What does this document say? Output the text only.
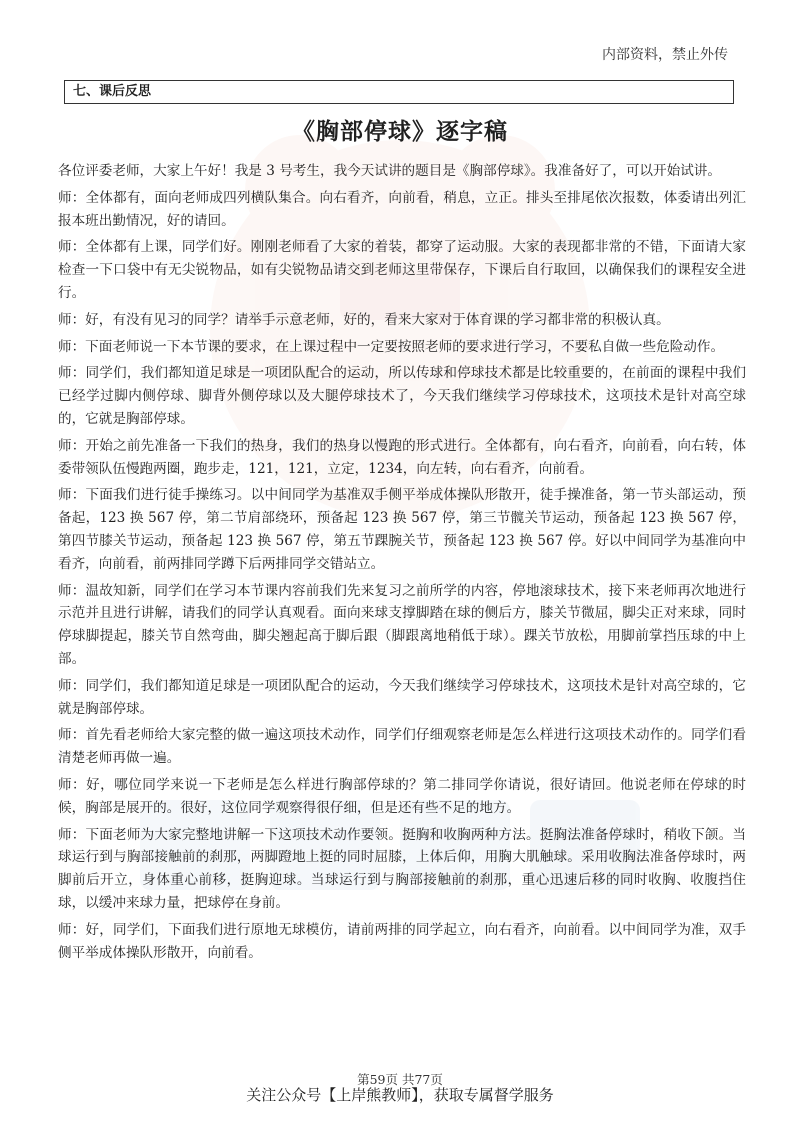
内部资料，禁止外传
七、课后反思
《胸部停球》逐字稿

各位评委老师，大家上午好！我是 3 号考生，我今天试讲的题目是《胸部停球》。我准备好了，可以开始试讲。

师：全体都有，面向老师成四列横队集合。向右看齐，向前看，稍息，立正。排头至排尾依次报数，体委请出列汇报本班出勤情况，好的请回。

师：全体都有上课，同学们好。刚刚老师看了大家的着装，都穿了运动服。大家的表现都非常的不错，下面请大家检查一下口袋中有无尖锐物品，如有尖锐物品请交到老师这里带保存，下课后自行取回，以确保我们的课程安全进行。

师：好，有没有见习的同学？请举手示意老师，好的，看来大家对于体育课的学习都非常的积极认真。

师：下面老师说一下本节课的要求，在上课过程中一定要按照老师的要求进行学习，不要私自做一些危险动作。

师：同学们，我们都知道足球是一项团队配合的运动，所以传球和停球技术都是比较重要的，在前面的课程中我们已经学过脚内侧停球、脚背外侧停球以及大腿停球技术了，今天我们继续学习停球技术，这项技术是针对高空球的，它就是胸部停球。

师：开始之前先准备一下我们的热身，我们的热身以慢跑的形式进行。全体都有，向右看齐，向前看，向右转，体委带领队伍慢跑两圈，跑步走，121，121，立定，1234，向左转，向右看齐，向前看。

师：下面我们进行徒手操练习。以中间同学为基准双手侧平举成体操队形散开，徒手操准备，第一节头部运动，预备起，123 换 567 停，第二节肩部绕环，预备起 123 换 567 停，第三节髋关节运动，预备起 123 换 567 停，第四节膝关节运动，预备起 123 换 567 停，第五节踝腕关节，预备起 123 换 567 停。好以中间同学为基准向中看齐，向前看，前两排同学蹲下后两排同学交错站立。

师：温故知新，同学们在学习本节课内容前我们先来复习之前所学的内容，停地滚球技术，接下来老师再次地进行示范并且进行讲解，请我们的同学认真观看。面向来球支撑脚踏在球的侧后方，膝关节微屈，脚尖正对来球，同时停球脚提起，膝关节自然弯曲，脚尖翘起高于脚后跟（脚跟离地稍低于球）。踝关节放松，用脚前掌挡压球的中上部。

师：同学们，我们都知道足球是一项团队配合的运动，今天我们继续学习停球技术，这项技术是针对高空球的，它就是胸部停球。

师：首先看老师给大家完整的做一遍这项技术动作，同学们仔细观察老师是怎么样进行这项技术动作的。同学们看清楚老师再做一遍。

师：好，哪位同学来说一下老师是怎么样进行胸部停球的？第二排同学你请说，很好请回。他说老师在停球的时候，胸部是展开的。很好，这位同学观察得很仔细，但是还有些不足的地方。

师：下面老师为大家完整地讲解一下这项技术动作要领。挺胸和收胸两种方法。挺胸法准备停球时，稍收下颌。当球运行到与胸部接触前的刹那，两脚蹬地上挺的同时屈膝，上体后仰，用胸大肌触球。采用收胸法准备停球时，两脚前后开立，身体重心前移，挺胸迎球。当球运行到与胸部接触前的刹那，重心迅速后移的同时收胸、收腹挡住球，以缓冲来球力量，把球停在身前。

师：好，同学们，下面我们进行原地无球模仿，请前两排的同学起立，向右看齐，向前看。以中间同学为准，双手侧平举成体操队形散开，向前看。

第59页 共77页
关注公众号【上岸熊教师】，获取专属督学服务
